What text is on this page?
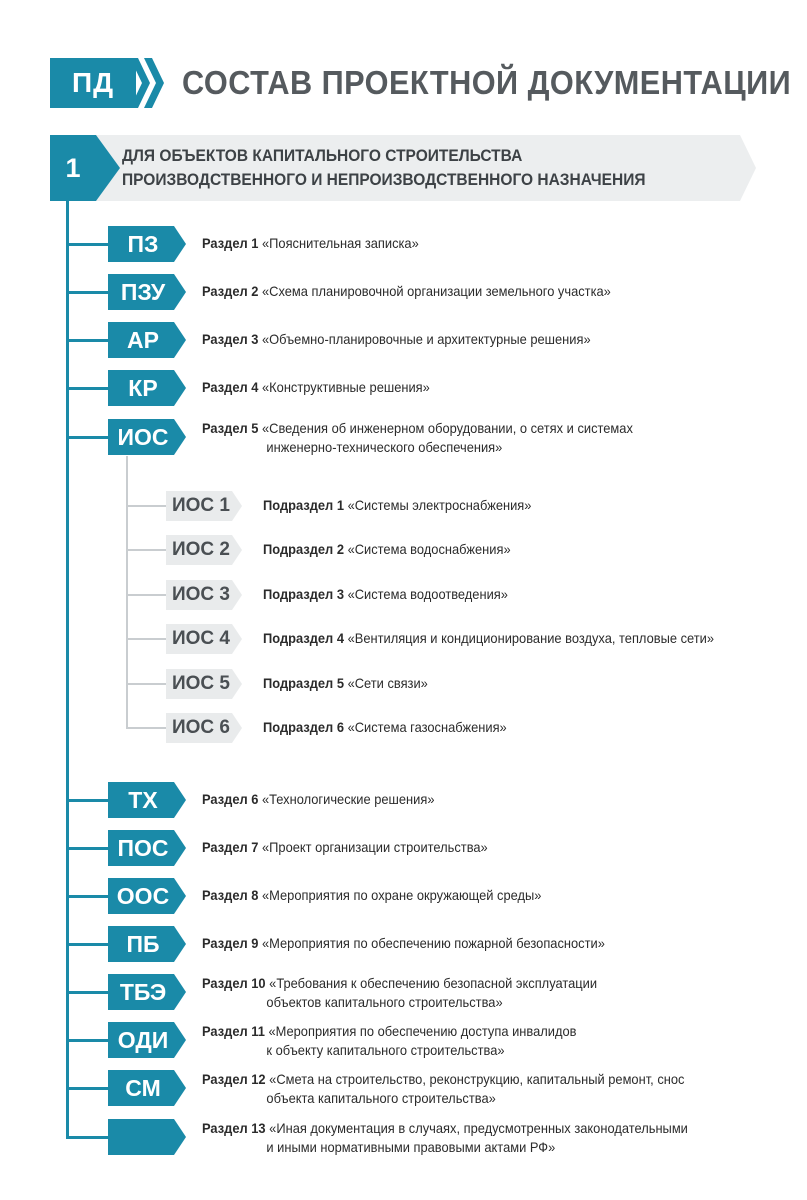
ПД	СОСТАВ ПРОЕКТНОЙ ДОКУМЕНТАЦИИ
1	ДЛЯ ОБЪЕКТОВ КАПИТАЛЬНОГО СТРОИТЕЛЬСТВА
ПРОИЗВОДСТВЕННОГО И НЕПРОИЗВОДСТВЕННОГО НАЗНАЧЕНИЯ
ПЗ	Раздел 1 «Пояснительная записка»
ПЗУ	Раздел 2 «Схема планировочной организации земельного участка»
АР	Раздел 3 «Объемно-планировочные и архитектурные решения»
КР	Раздел 4 «Конструктивные решения»
ИОС	Раздел 5 «Сведения об инженерном оборудовании, о сетях и системах
инженерно-технического обеспечения»
ТХ	Раздел 6 «Технологические решения»
ПОС	Раздел 7 «Проект организации строительства»
ООС	Раздел 8 «Мероприятия по охране окружающей среды»
ПБ	Раздел 9 «Мероприятия по обеспечению пожарной безопасности»
ТБЭ	Раздел 10 «Требования к обеспечению безопасной эксплуатации
объектов капитального строительства»
ОДИ	Раздел 11 «Мероприятия по обеспечению доступа инвалидов
к объекту капитального строительства»
СМ	Раздел 12 «Смета на строительство, реконструкцию, капитальный ремонт, снос
объекта капитального строительства»
Раздел 13 «Иная документация в случаях, предусмотренных законодательными
и иными нормативными правовыми актами РФ»
ИОС 1	Подраздел 1 «Системы электроснабжения»
ИОС 2	Подраздел 2 «Система водоснабжения»
ИОС 3	Подраздел 3 «Система водоотведения»
ИОС 4	Подраздел 4 «Вентиляция и кондиционирование воздуха, тепловые сети»
ИОС 5	Подраздел 5 «Сети связи»
ИОС 6	Подраздел 6 «Система газоснабжения»
